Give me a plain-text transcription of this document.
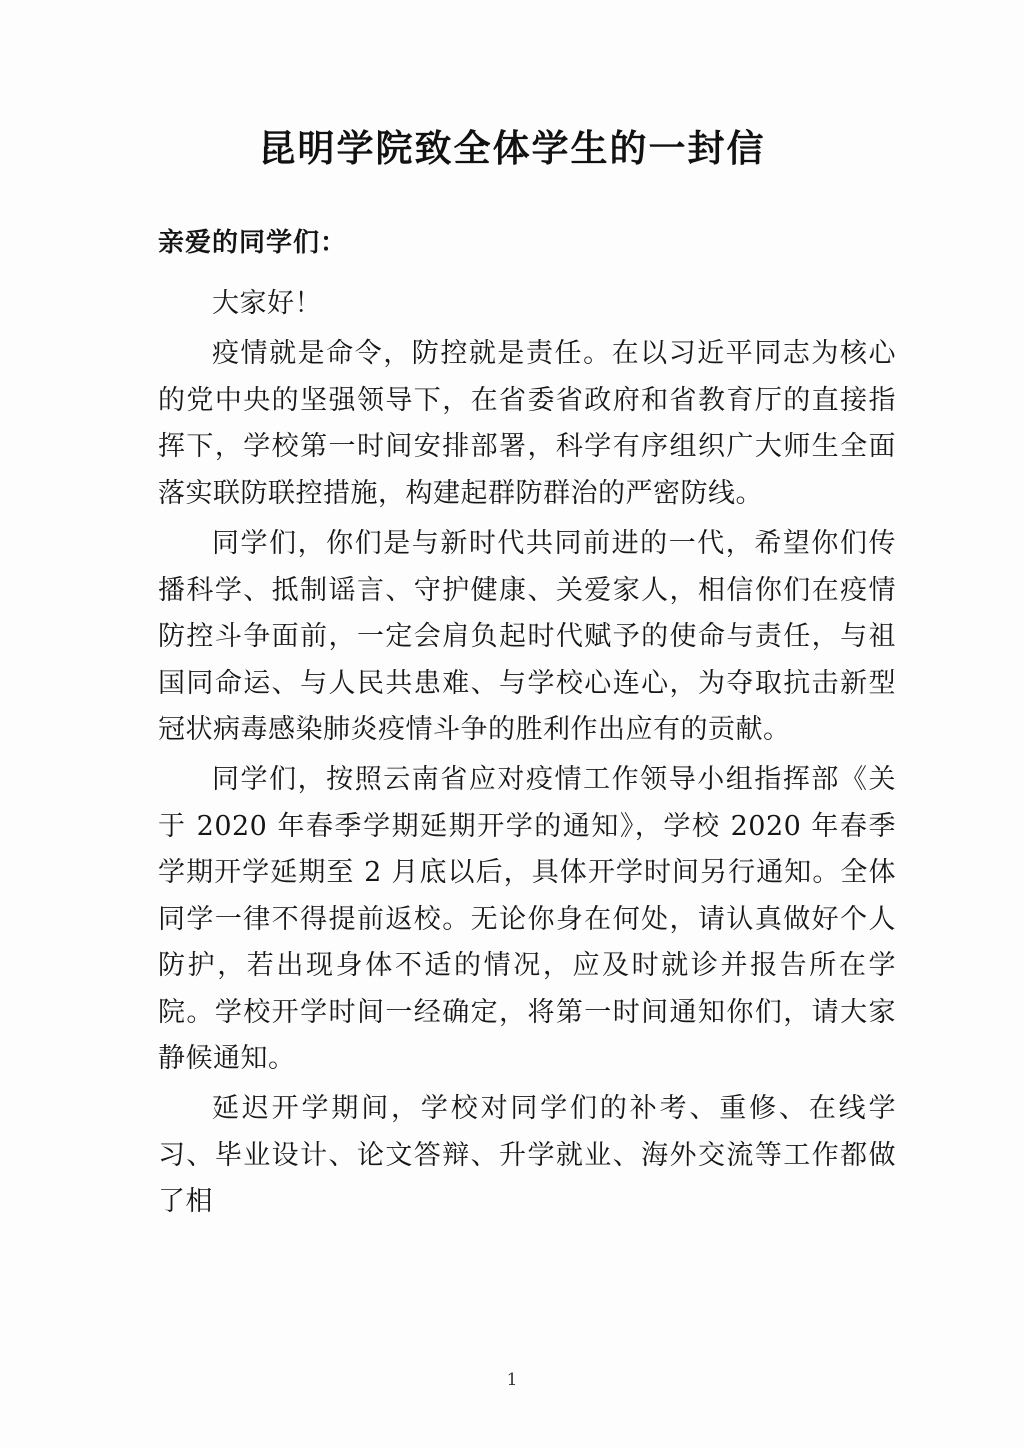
昆明学院致全体学生的一封信
亲爱的同学们：

大家好！

疫情就是命令，防控就是责任。在以习近平同志为核心的党中央的坚强领导下，在省委省政府和省教育厅的直接指挥下，学校第一时间安排部署，科学有序组织广大师生全面落实联防联控措施，构建起群防群治的严密防线。

同学们，你们是与新时代共同前进的一代，希望你们传播科学、抵制谣言、守护健康、关爱家人，相信你们在疫情防控斗争面前，一定会肩负起时代赋予的使命与责任，与祖国同命运、与人民共患难、与学校心连心，为夺取抗击新型冠状病毒感染肺炎疫情斗争的胜利作出应有的贡献。

同学们，按照云南省应对疫情工作领导小组指挥部《关于 2020 年春季学期延期开学的通知》，学校 2020 年春季学期开学延期至 2 月底以后，具体开学时间另行通知。全体同学一律不得提前返校。无论你身在何处，请认真做好个人防护，若出现身体不适的情况，应及时就诊并报告所在学院。学校开学时间一经确定，将第一时间通知你们，请大家静候通知。

延迟开学期间，学校对同学们的补考、重修、在线学习、毕业设计、论文答辩、升学就业、海外交流等工作都做了相

1
